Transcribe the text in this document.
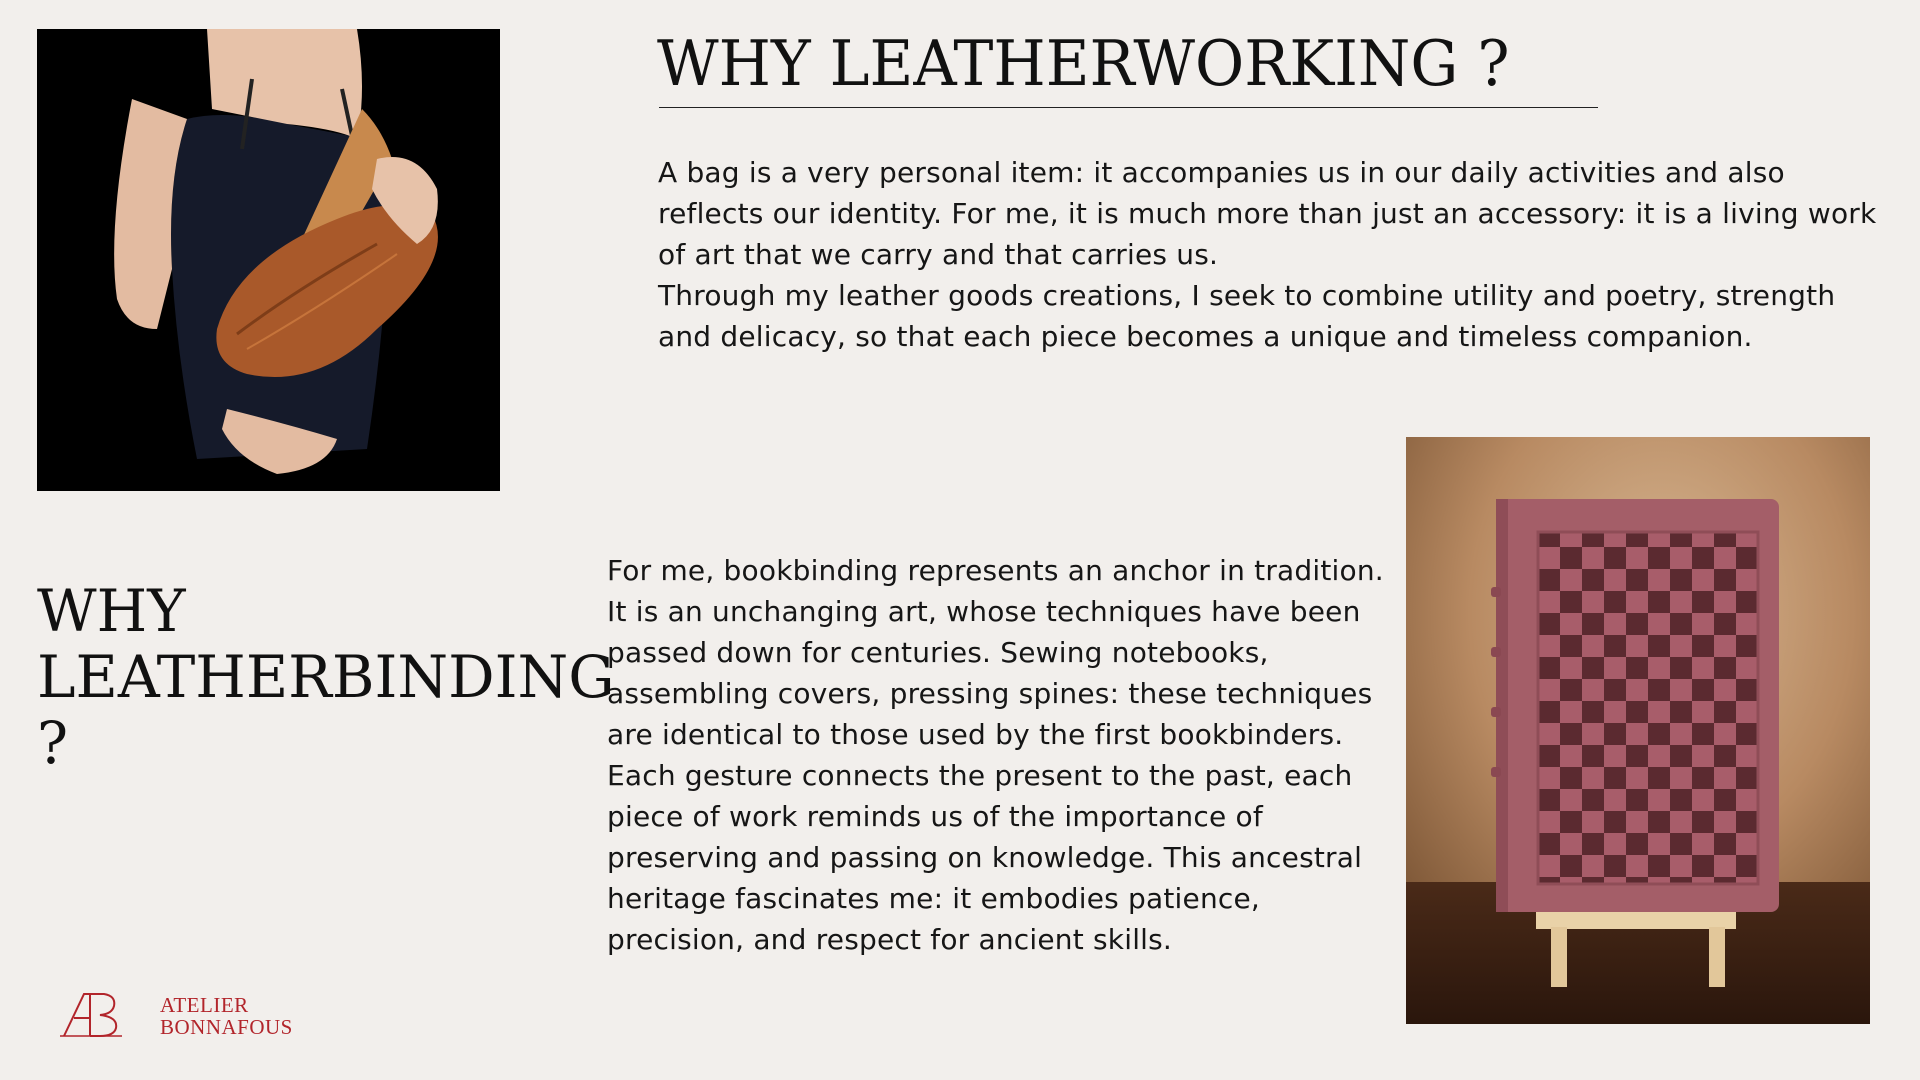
WHY LEATHERWORKING ?

A bag is a very personal item: it accompanies us in our daily activities and also reflects our identity. For me, it is much more than just an accessory: it is a living work of art that we carry and that carries us.

Through my leather goods creations, I seek to combine utility and poetry, strength and delicacy, so that each piece becomes a unique and timeless companion.

WHY
LEATHERBINDING
?

For me, bookbinding represents an anchor in tradition. It is an unchanging art, whose techniques have been passed down for centuries. Sewing notebooks, assembling covers, pressing spines: these techniques are identical to those used by the first bookbinders.

Each gesture connects the present to the past, each piece of work reminds us of the importance of preserving and passing on knowledge. This ancestral heritage fascinates me: it embodies patience, precision, and respect for ancient skills.

ATELIER
BONNAFOUS
